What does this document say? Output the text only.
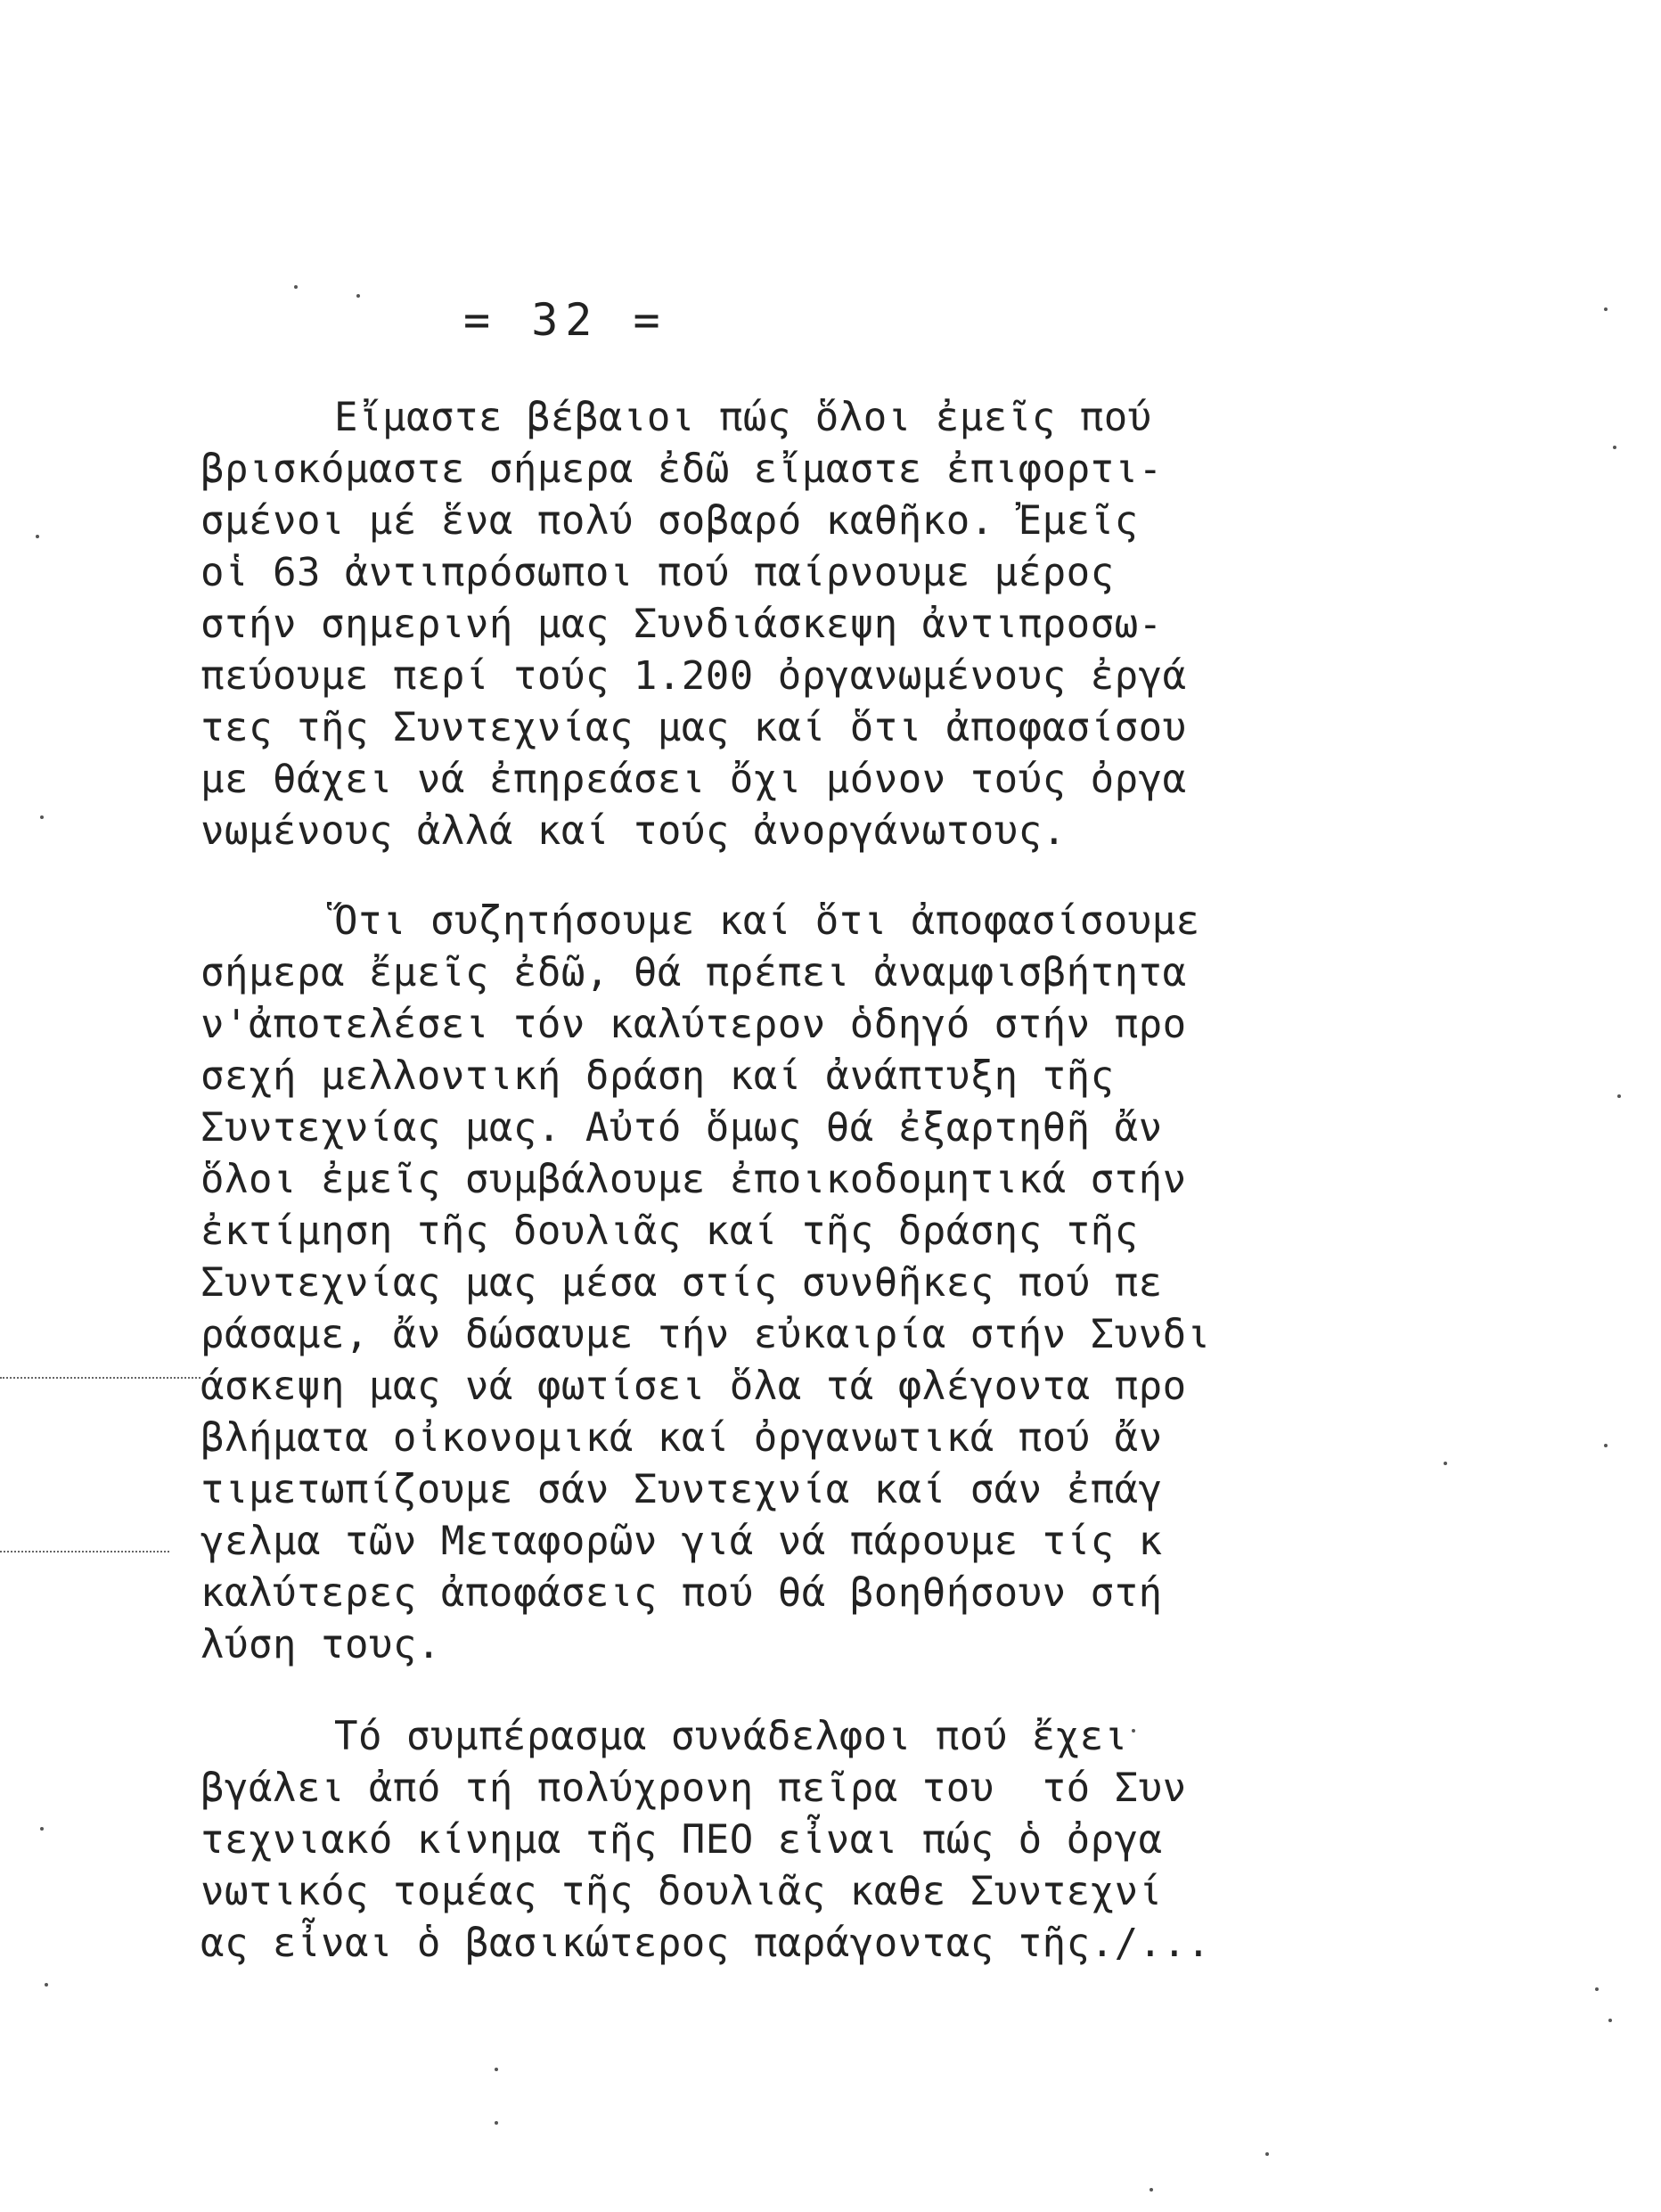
= 32 =
Εἴμαστε βέβαιοι πώς ὅλοι ἐμεῖς πού
βρισκόμαστε σήμερα ἐδῶ εἴμαστε ἐπιφορτι-
σμένοι μέ ἕνα πολύ σοβαρό καθῆκο. Ἐμεῖς
οἱ 63 ἀντιπρόσωποι πού παίρνουμε μέρος
στήν σημερινή μας Συνδιάσκεψη ἀντιπροσω-
πεύουμε περί τούς 1.200 ὀργανωμένους ἐργά
τες τῆς Συντεχνίας μας καί ὅτι ἀποφασίσου
με θάχει νά ἐπηρεάσει ὄχι μόνον τούς ὀργα
νωμένους ἀλλά καί τούς ἀνοργάνωτους.
Ὅτι συζητήσουμε καί ὅτι ἀποφασίσουμε
σήμερα ἔμεῖς ἐδῶ, θά πρέπει ἀναμφισβήτητα
ν'ἀποτελέσει τόν καλύτερον ὁδηγό στήν προ
σεχή μελλοντική δράση καί ἀνάπτυξη τῆς
Συντεχνίας μας. Αὐτό ὅμως θά ἐξαρτηθῆ ἄν
ὅλοι ἐμεῖς συμβάλουμε ἐποικοδομητικά στήν
ἐκτίμηση τῆς δουλιᾶς καί τῆς δράσης τῆς
Συντεχνίας μας μέσα στίς συνθῆκες πού πε
ράσαμε, ἄν δώσαυμε τήν εὐκαιρία στήν Συνδι
άσκεψη μας νά φωτίσει ὅλα τά φλέγοντα προ
βλήματα οἰκονομικά καί ὀργανωτικά πού ἄν
τιμετωπίζουμε σάν Συντεχνία καί σάν ἐπάγ
γελμα τῶν Μεταφορῶν γιά νά πάρουμε τίς κ
καλύτερες ἀποφάσεις πού θά βοηθήσουν στή
λύση τους.
Τό συμπέρασμα συνάδελφοι πού ἔχει
βγάλει ἀπό τή πολύχρονη πεῖρα του  τό Συν
τεχνιακό κίνημα τῆς ΠΕΟ εἶναι πώς ὁ ὀργα
νωτικός τομέας τῆς δουλιᾶς καθε Συντεχνί
ας εἶναι ὁ βασικώτερος παράγοντας τῆς./...
